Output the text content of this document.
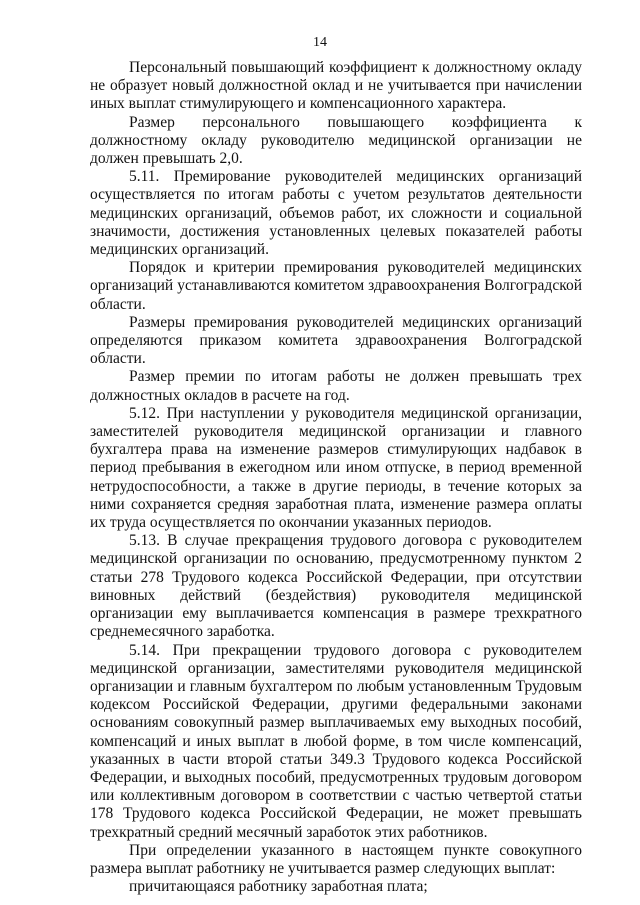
14

Персональный повышающий коэффициент к должностному окладу не образует новый должностной оклад и не учитывается при начислении иных выплат стимулирующего и компенсационного характера.

Размер персонального повышающего коэффициента к должностному окладу руководителю медицинской организации не должен превышать 2,0.

5.11. Премирование руководителей медицинских организаций осуществляется по итогам работы с учетом результатов деятельности медицинских организаций, объемов работ, их сложности и социальной значимости, достижения установленных целевых показателей работы медицинских организаций.

Порядок и критерии премирования руководителей медицинских организаций устанавливаются комитетом здравоохранения Волгоградской области.

Размеры премирования руководителей медицинских организаций определяются приказом комитета здравоохранения Волгоградской области.

Размер премии по итогам работы не должен превышать трех должностных окладов в расчете на год.

5.12. При наступлении у руководителя медицинской организации, заместителей руководителя медицинской организации и главного бухгалтера права на изменение размеров стимулирующих надбавок в период пребывания в ежегодном или ином отпуске, в период временной нетрудоспособности, а также в другие периоды, в течение которых за ними сохраняется средняя заработная плата, изменение размера оплаты их труда осуществляется по окончании указанных периодов.

5.13. В случае прекращения трудового договора с руководителем медицинской организации по основанию, предусмотренному пунктом 2 статьи 278 Трудового кодекса Российской Федерации, при отсутствии виновных действий (бездействия) руководителя медицинской организации ему выплачивается компенсация в размере трехкратного среднемесячного заработка.

5.14. При прекращении трудового договора с руководителем медицинской организации, заместителями руководителя медицинской организации и главным бухгалтером по любым установленным Трудовым кодексом Российской Федерации, другими федеральными законами основаниям совокупный размер выплачиваемых ему выходных пособий, компенсаций и иных выплат в любой форме, в том числе компенсаций, указанных в части второй статьи 349.3 Трудового кодекса Российской Федерации, и выходных пособий, предусмотренных трудовым договором или коллективным договором в соответствии с частью четвертой статьи 178 Трудового кодекса Российской Федерации, не может превышать трехкратный средний месячный заработок этих работников.

При определении указанного в настоящем пункте совокупного размера выплат работнику не учитывается размер следующих выплат:

причитающаяся работнику заработная плата;
